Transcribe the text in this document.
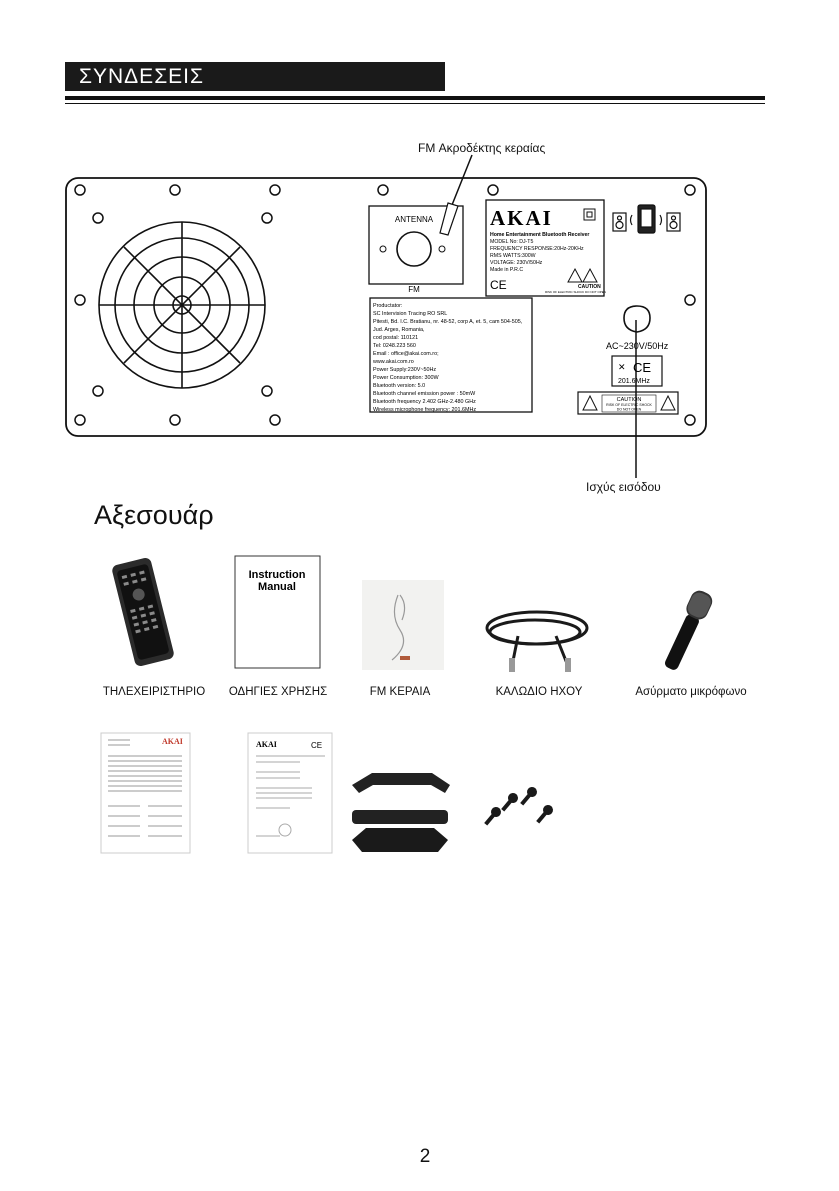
ΣΥΝΔΕΣΕΙΣ
FM Ακροδέκτης κεραίας
Ισχύς εισόδου
ANTENNA
FM
AKAI
Home Entertainment Bluetooth Receiver
MODEL No: DJ-T5
FREQUENCY RESPONSE:20Hz-20KHz
RMS WATTS:300W
VOLTAGE: 230V/50Hz
Made in P.R.C
CE	CAUTION
RISK OF ELECTRIC SHOCK DO NOT OPEN
Productator:
SC Intervision Tracing RO SRL
Pitesti, Bd. I.C. Bratianu, nr. 48-52, corp A, et. 5, cam 504-505,
Jud. Arges, Romania,
cod postal: 110121
Tel: 0248.223 560
Email : office@akai.com.ro;
www.akai.com.ro
Power Supply:230V~50Hz
Power Consumption: 300W
Bluetooth version: 5.0
Bluetooth channel emission power : 50mW
Bluetooth frequency 2.402 GHz-2.480 GHz
Wireless microphone frequency: 201.6MHz
AC~230V/50Hz
✕ CE
201.6MHz
CAUTION
RISK OF ELECTRIC SHOCK
DO NOT OPEN
Αξεσουάρ
Instruction
Manual
AKAI	AKAI	CE
ΤΗΛΕΧΕΙΡΙΣΤΗΡΙΟ	ΟΔΗΓΙΕΣ ΧΡΗΣΗΣ	FM ΚΕΡΑΙΑ	ΚΑΛΩΔΙΟ ΗΧΟΥ	Ασύρματο μικρόφωνο
2
